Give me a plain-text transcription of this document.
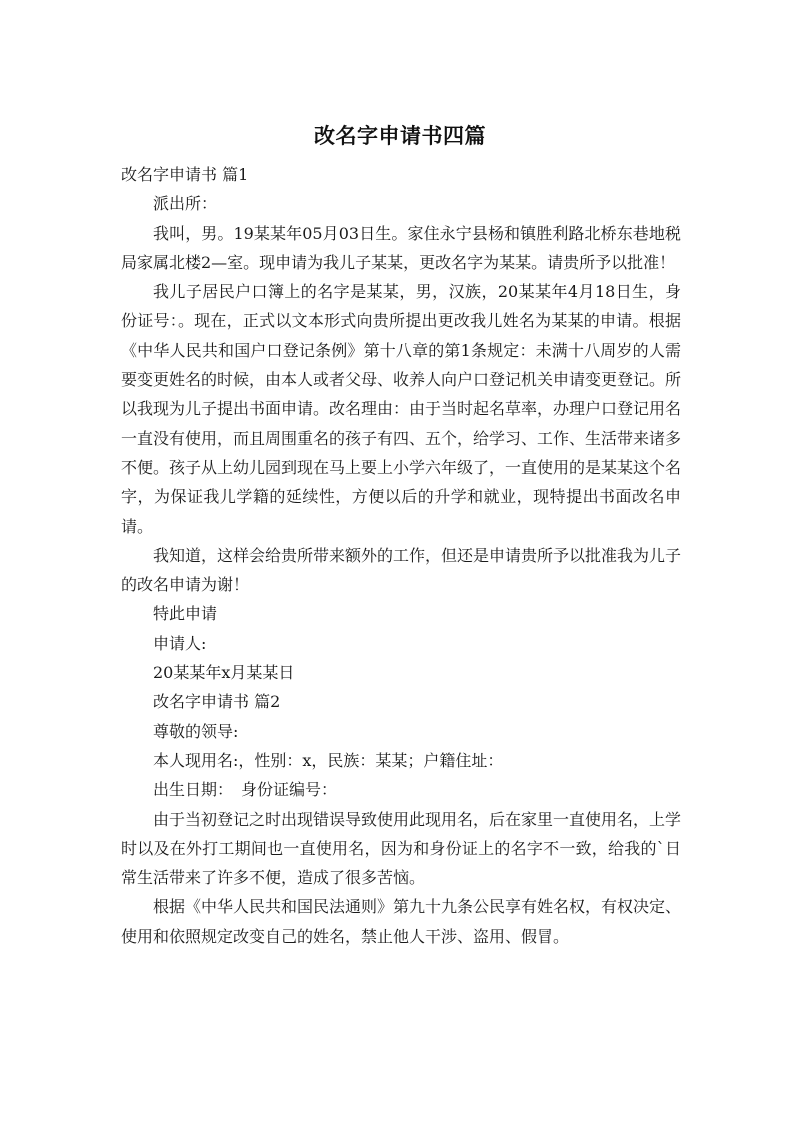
改名字申请书四篇

改名字申请书 篇1

派出所：

我叫，男。19某某年05月03日生。家住永宁县杨和镇胜利路北桥东巷地税局家属北楼2—室。现申请为我儿子某某，更改名字为某某。请贵所予以批准！

我儿子居民户口簿上的名字是某某，男，汉族，20某某年4月18日生，身份证号：。现在，正式以文本形式向贵所提出更改我儿姓名为某某的申请。根据《中华人民共和国户口登记条例》第十八章的第1条规定：未满十八周岁的人需要变更姓名的时候，由本人或者父母、收养人向户口登记机关申请变更登记。所以我现为儿子提出书面申请。改名理由：由于当时起名草率，办理户口登记用名一直没有使用，而且周围重名的孩子有四、五个，给学习、工作、生活带来诸多不便。孩子从上幼儿园到现在马上要上小学六年级了，一直使用的是某某这个名字，为保证我儿学籍的延续性，方便以后的升学和就业，现特提出书面改名申请。

我知道，这样会给贵所带来额外的工作，但还是申请贵所予以批准我为儿子的改名申请为谢！

特此申请

申请人:

20某某年x月某某日

改名字申请书 篇2

尊敬的领导:

本人现用名:，性别：x，民族：某某；户籍住址：

出生日期：　身份证编号：

由于当初登记之时出现错误导致使用此现用名，后在家里一直使用名，上学时以及在外打工期间也一直使用名，因为和身份证上的名字不一致，给我的`日常生活带来了许多不便，造成了很多苦恼。

根据《中华人民共和国民法通则》第九十九条公民享有姓名权，有权决定、使用和依照规定改变自己的姓名，禁止他人干涉、盗用、假冒。
